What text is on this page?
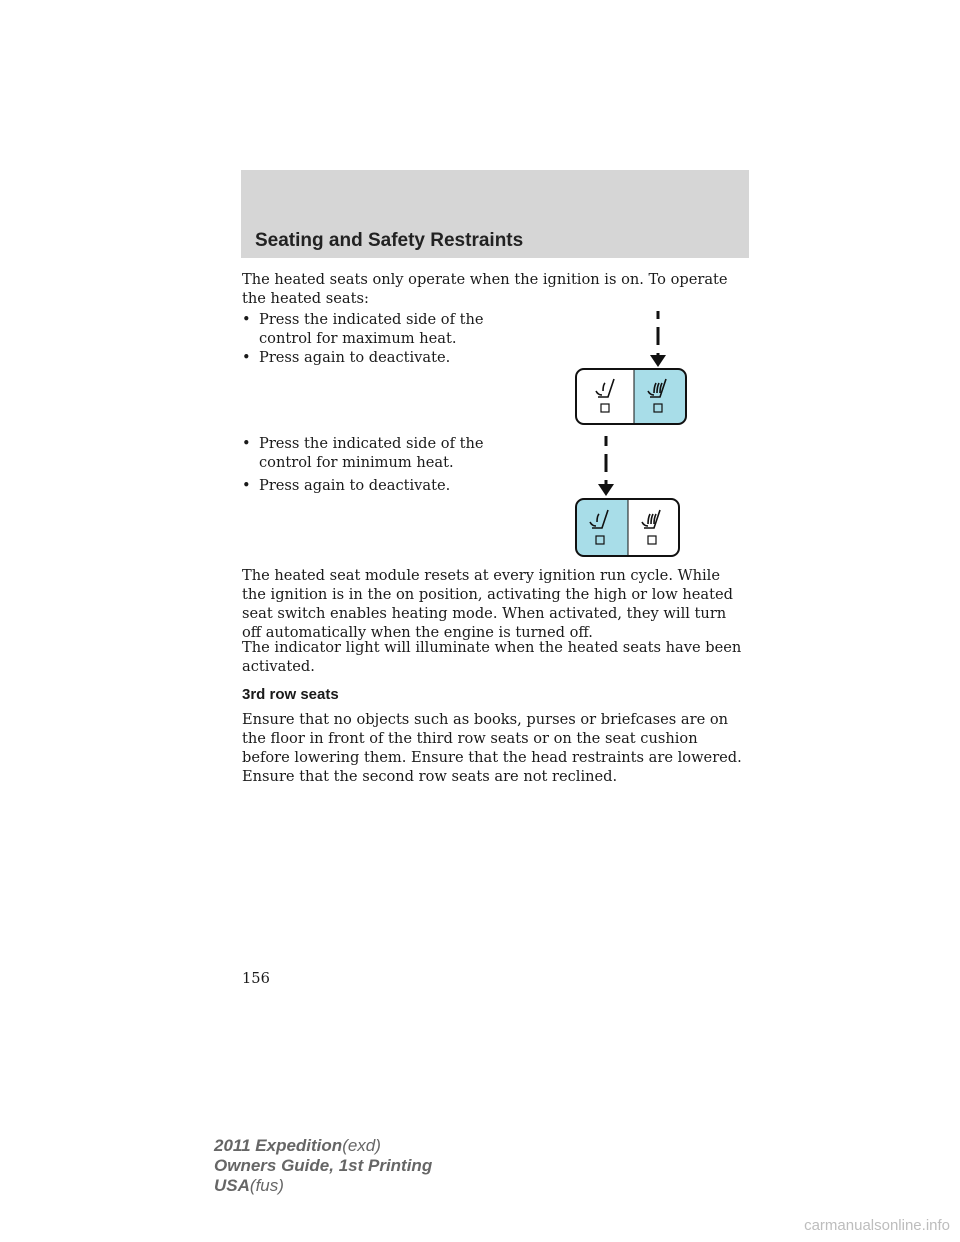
Seating and Safety Restraints

The heated seats only operate when the ignition is on. To operate the heated seats:

• Press the indicated side of the control for maximum heat.
• Press again to deactivate.
• Press the indicated side of the control for minimum heat.
• Press again to deactivate.

The heated seat module resets at every ignition run cycle. While the ignition is in the on position, activating the high or low heated seat switch enables heating mode. When activated, they will turn off automatically when the engine is turned off.

The indicator light will illuminate when the heated seats have been activated.

3rd row seats

Ensure that no objects such as books, purses or briefcases are on the floor in front of the third row seats or on the seat cushion before lowering them. Ensure that the head restraints are lowered. Ensure that the second row seats are not reclined.

156

2011 Expedition(exd)
Owners Guide, 1st Printing
USA(fus)

carmanualsonline.info
